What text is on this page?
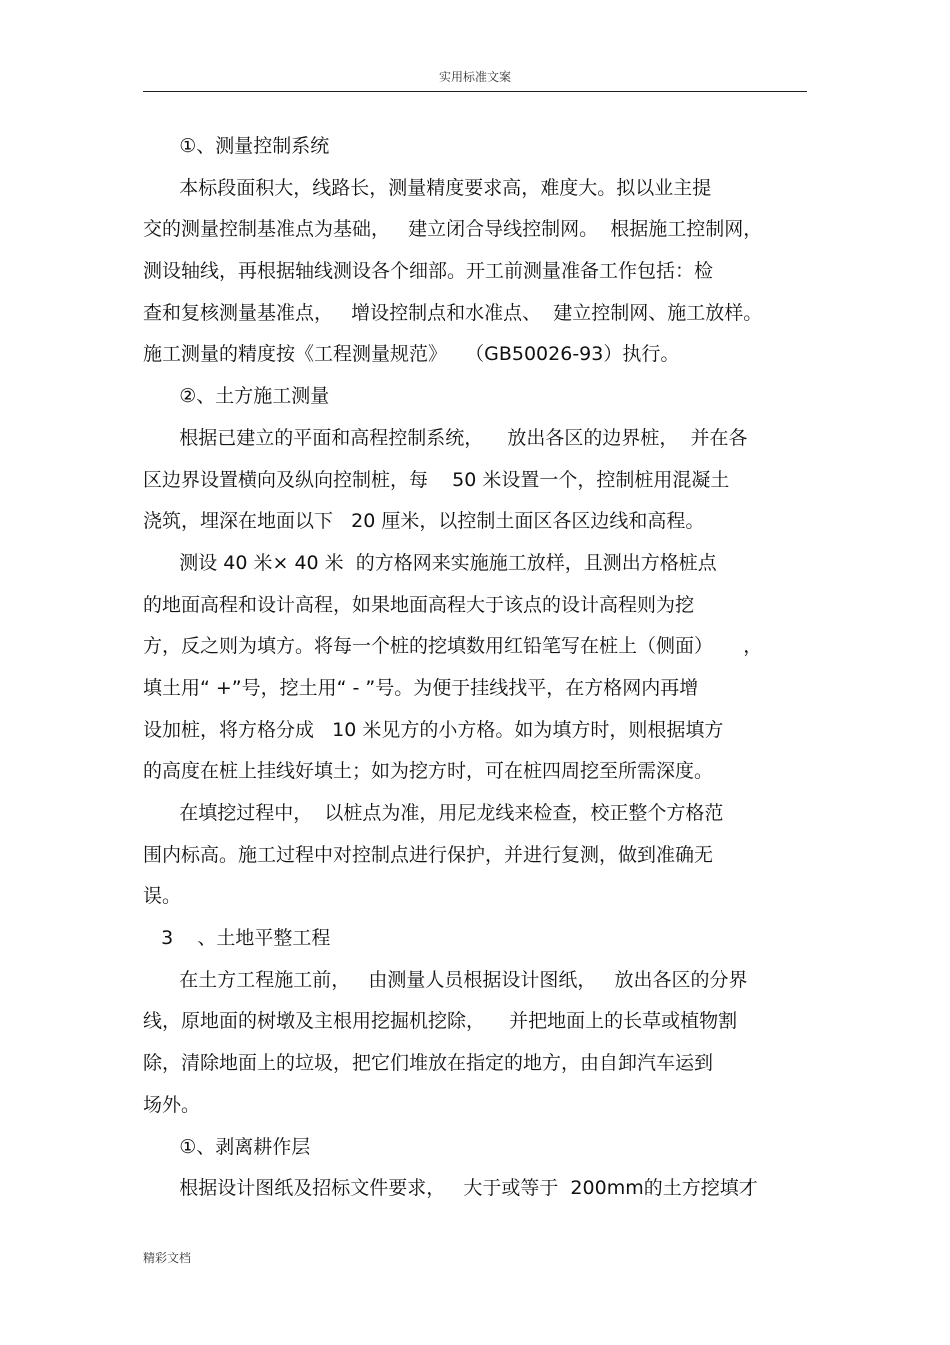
实用标准文案
①、测量控制系统
本标段面积大，线路长，测量精度要求高，难度大。拟以业主提
交的测量控制基准点为基础，   建立闭合导线控制网。  根据施工控制网，
测设轴线，再根据轴线测设各个细部。开工前测量准备工作包括：检
查和复核测量基准点，   增设控制点和水准点、  建立控制网、施工放样。
施工测量的精度按《工程测量规范》   （GB50026-93）执行。
②、土方施工测量
根据已建立的平面和高程控制系统，    放出各区的边界桩，  并在各
区边界设置横向及纵向控制桩，每    50 米设置一个，控制桩用混凝土
浇筑，埋深在地面以下   20 厘米，以控制土面区各区边线和高程。
测设 40 米× 40 米  的方格网来实施施工放样，且测出方格桩点
的地面高程和设计高程，如果地面高程大于该点的设计高程则为挖
方，反之则为填方。将每一个桩的挖填数用红铅笔写在桩上（侧面）     ，
填土用“ +”号，挖土用“ - ”号。为便于挂线找平，在方格网内再增
设加桩，将方格分成   10 米见方的小方格。如为填方时，则根据填方
的高度在桩上挂线好填土；如为挖方时，可在桩四周挖至所需深度。
在填挖过程中，  以桩点为准，用尼龙线来检查，校正整个方格范
围内标高。施工过程中对控制点进行保护，并进行复测，做到准确无
误。
3    、土地平整工程
在土方工程施工前，   由测量人员根据设计图纸，   放出各区的分界
线，原地面的树墩及主根用挖掘机挖除，    并把地面上的长草或植物割
除，清除地面上的垃圾，把它们堆放在指定的地方，由自卸汽车运到
场外。
①、剥离耕作层
根据设计图纸及招标文件要求，   大于或等于  200mm的土方挖填才
精彩文档
